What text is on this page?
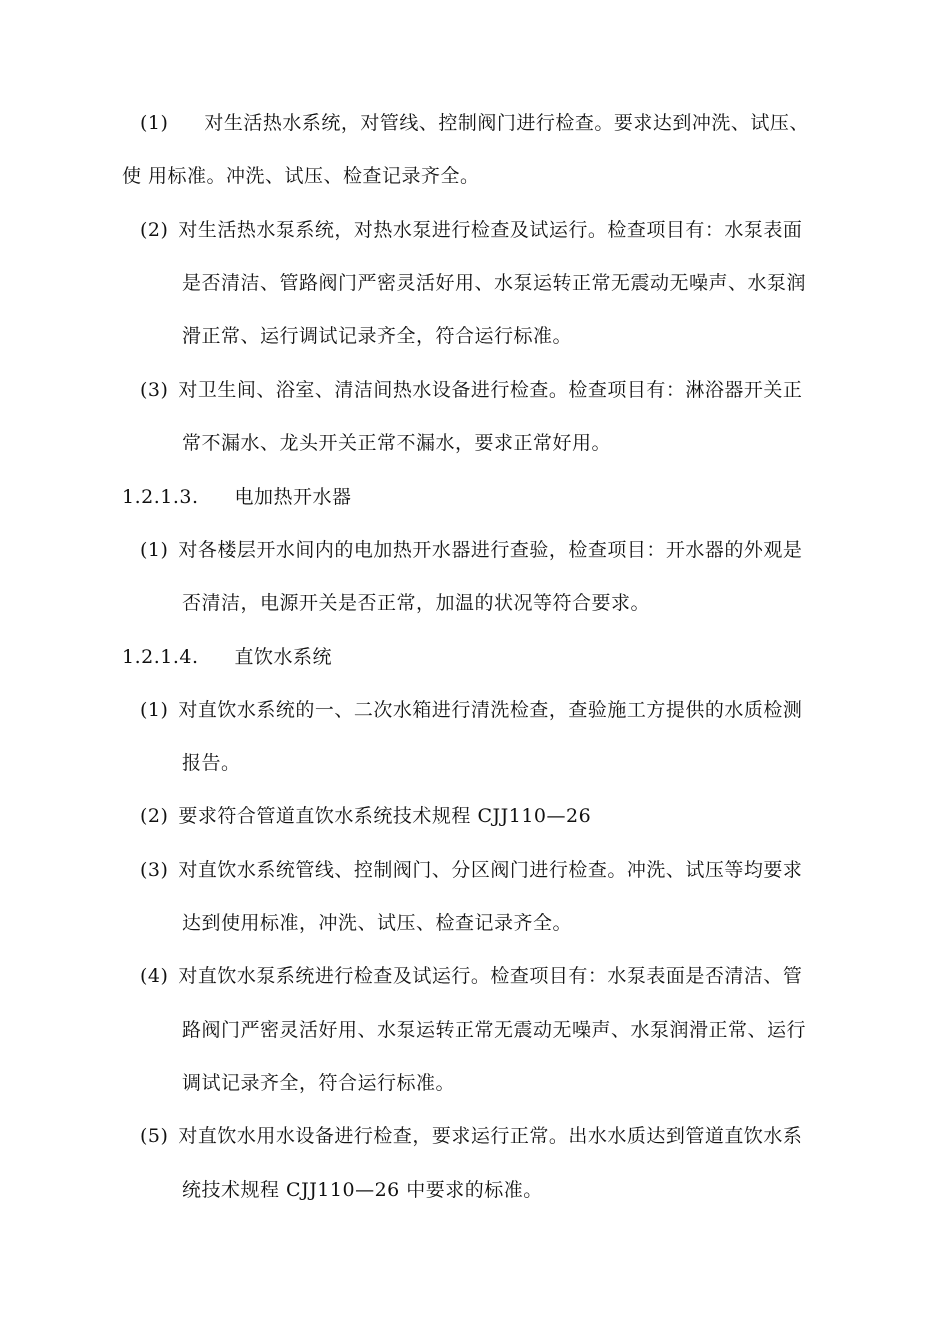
(1) 对生活热水系统，对管线、控制阀门进行检查。要求达到冲洗、试压、
使 用标准。冲洗、试压、检查记录齐全。
(2) 对生活热水泵系统，对热水泵进行检查及试运行。检查项目有：水泵表面
是否清洁、管路阀门严密灵活好用、水泵运转正常无震动无噪声、水泵润
滑正常、运行调试记录齐全，符合运行标准。
(3) 对卫生间、浴室、清洁间热水设备进行检查。检查项目有：淋浴器开关正
常不漏水、龙头开关正常不漏水，要求正常好用。
1.2.1.3. 电加热开水器
(1) 对各楼层开水间内的电加热开水器进行查验，检查项目：开水器的外观是
否清洁，电源开关是否正常，加温的状况等符合要求。
1.2.1.4. 直饮水系统
(1) 对直饮水系统的一、二次水箱进行清洗检查，查验施工方提供的水质检测
报告。
(2) 要求符合管道直饮水系统技术规程 CJJ110—26
(3) 对直饮水系统管线、控制阀门、分区阀门进行检查。冲洗、试压等均要求
达到使用标准，冲洗、试压、检查记录齐全。
(4) 对直饮水泵系统进行检查及试运行。检查项目有：水泵表面是否清洁、管
路阀门严密灵活好用、水泵运转正常无震动无噪声、水泵润滑正常、运行
调试记录齐全，符合运行标准。
(5) 对直饮水用水设备进行检查，要求运行正常。出水水质达到管道直饮水系
统技术规程 CJJ110—26 中要求的标准。
